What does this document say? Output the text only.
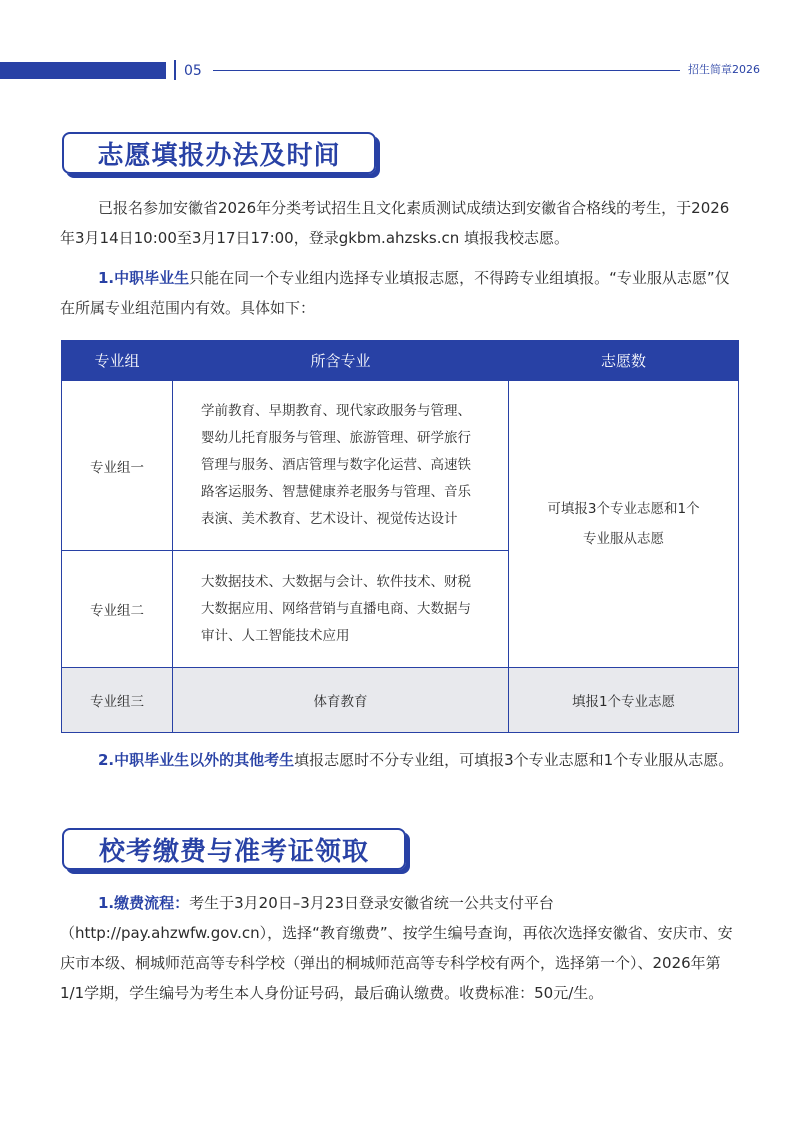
05	招生简章2026
志愿填报办法及时间
已报名参加安徽省2026年分类考试招生且文化素质测试成绩达到安徽省合格线的考生，于2026年3月14日10:00至3月17日17:00，登录gkbm.ahzsks.cn 填报我校志愿。
1.中职毕业生只能在同一个专业组内选择专业填报志愿，不得跨专业组填报。“专业服从志愿”仅在所属专业组范围内有效。具体如下：
专业组	所含专业	志愿数
专业组一	学前教育、早期教育、现代家政服务与管理、婴幼儿托育服务与管理、旅游管理、研学旅行管理与服务、酒店管理与数字化运营、高速铁路客运服务、智慧健康养老服务与管理、音乐表演、美术教育、艺术设计、视觉传达设计	可填报3个专业志愿和1个专业服从志愿
专业组二	大数据技术、大数据与会计、软件技术、财税大数据应用、网络营销与直播电商、大数据与审计、人工智能技术应用	
专业组三	体育教育	填报1个专业志愿
2.中职毕业生以外的其他考生填报志愿时不分专业组，可填报3个专业志愿和1个专业服从志愿。
校考缴费与准考证领取
1.缴费流程：考生于3月20日–3月23日登录安徽省统一公共支付平台（http://pay.ahzwfw.gov.cn），选择“教育缴费”、按学生编号查询，再依次选择安徽省、安庆市、安庆市本级、桐城师范高等专科学校（弹出的桐城师范高等专科学校有两个，选择第一个）、2026年第1/1学期，学生编号为考生本人身份证号码，最后确认缴费。收费标准：50元/生。
